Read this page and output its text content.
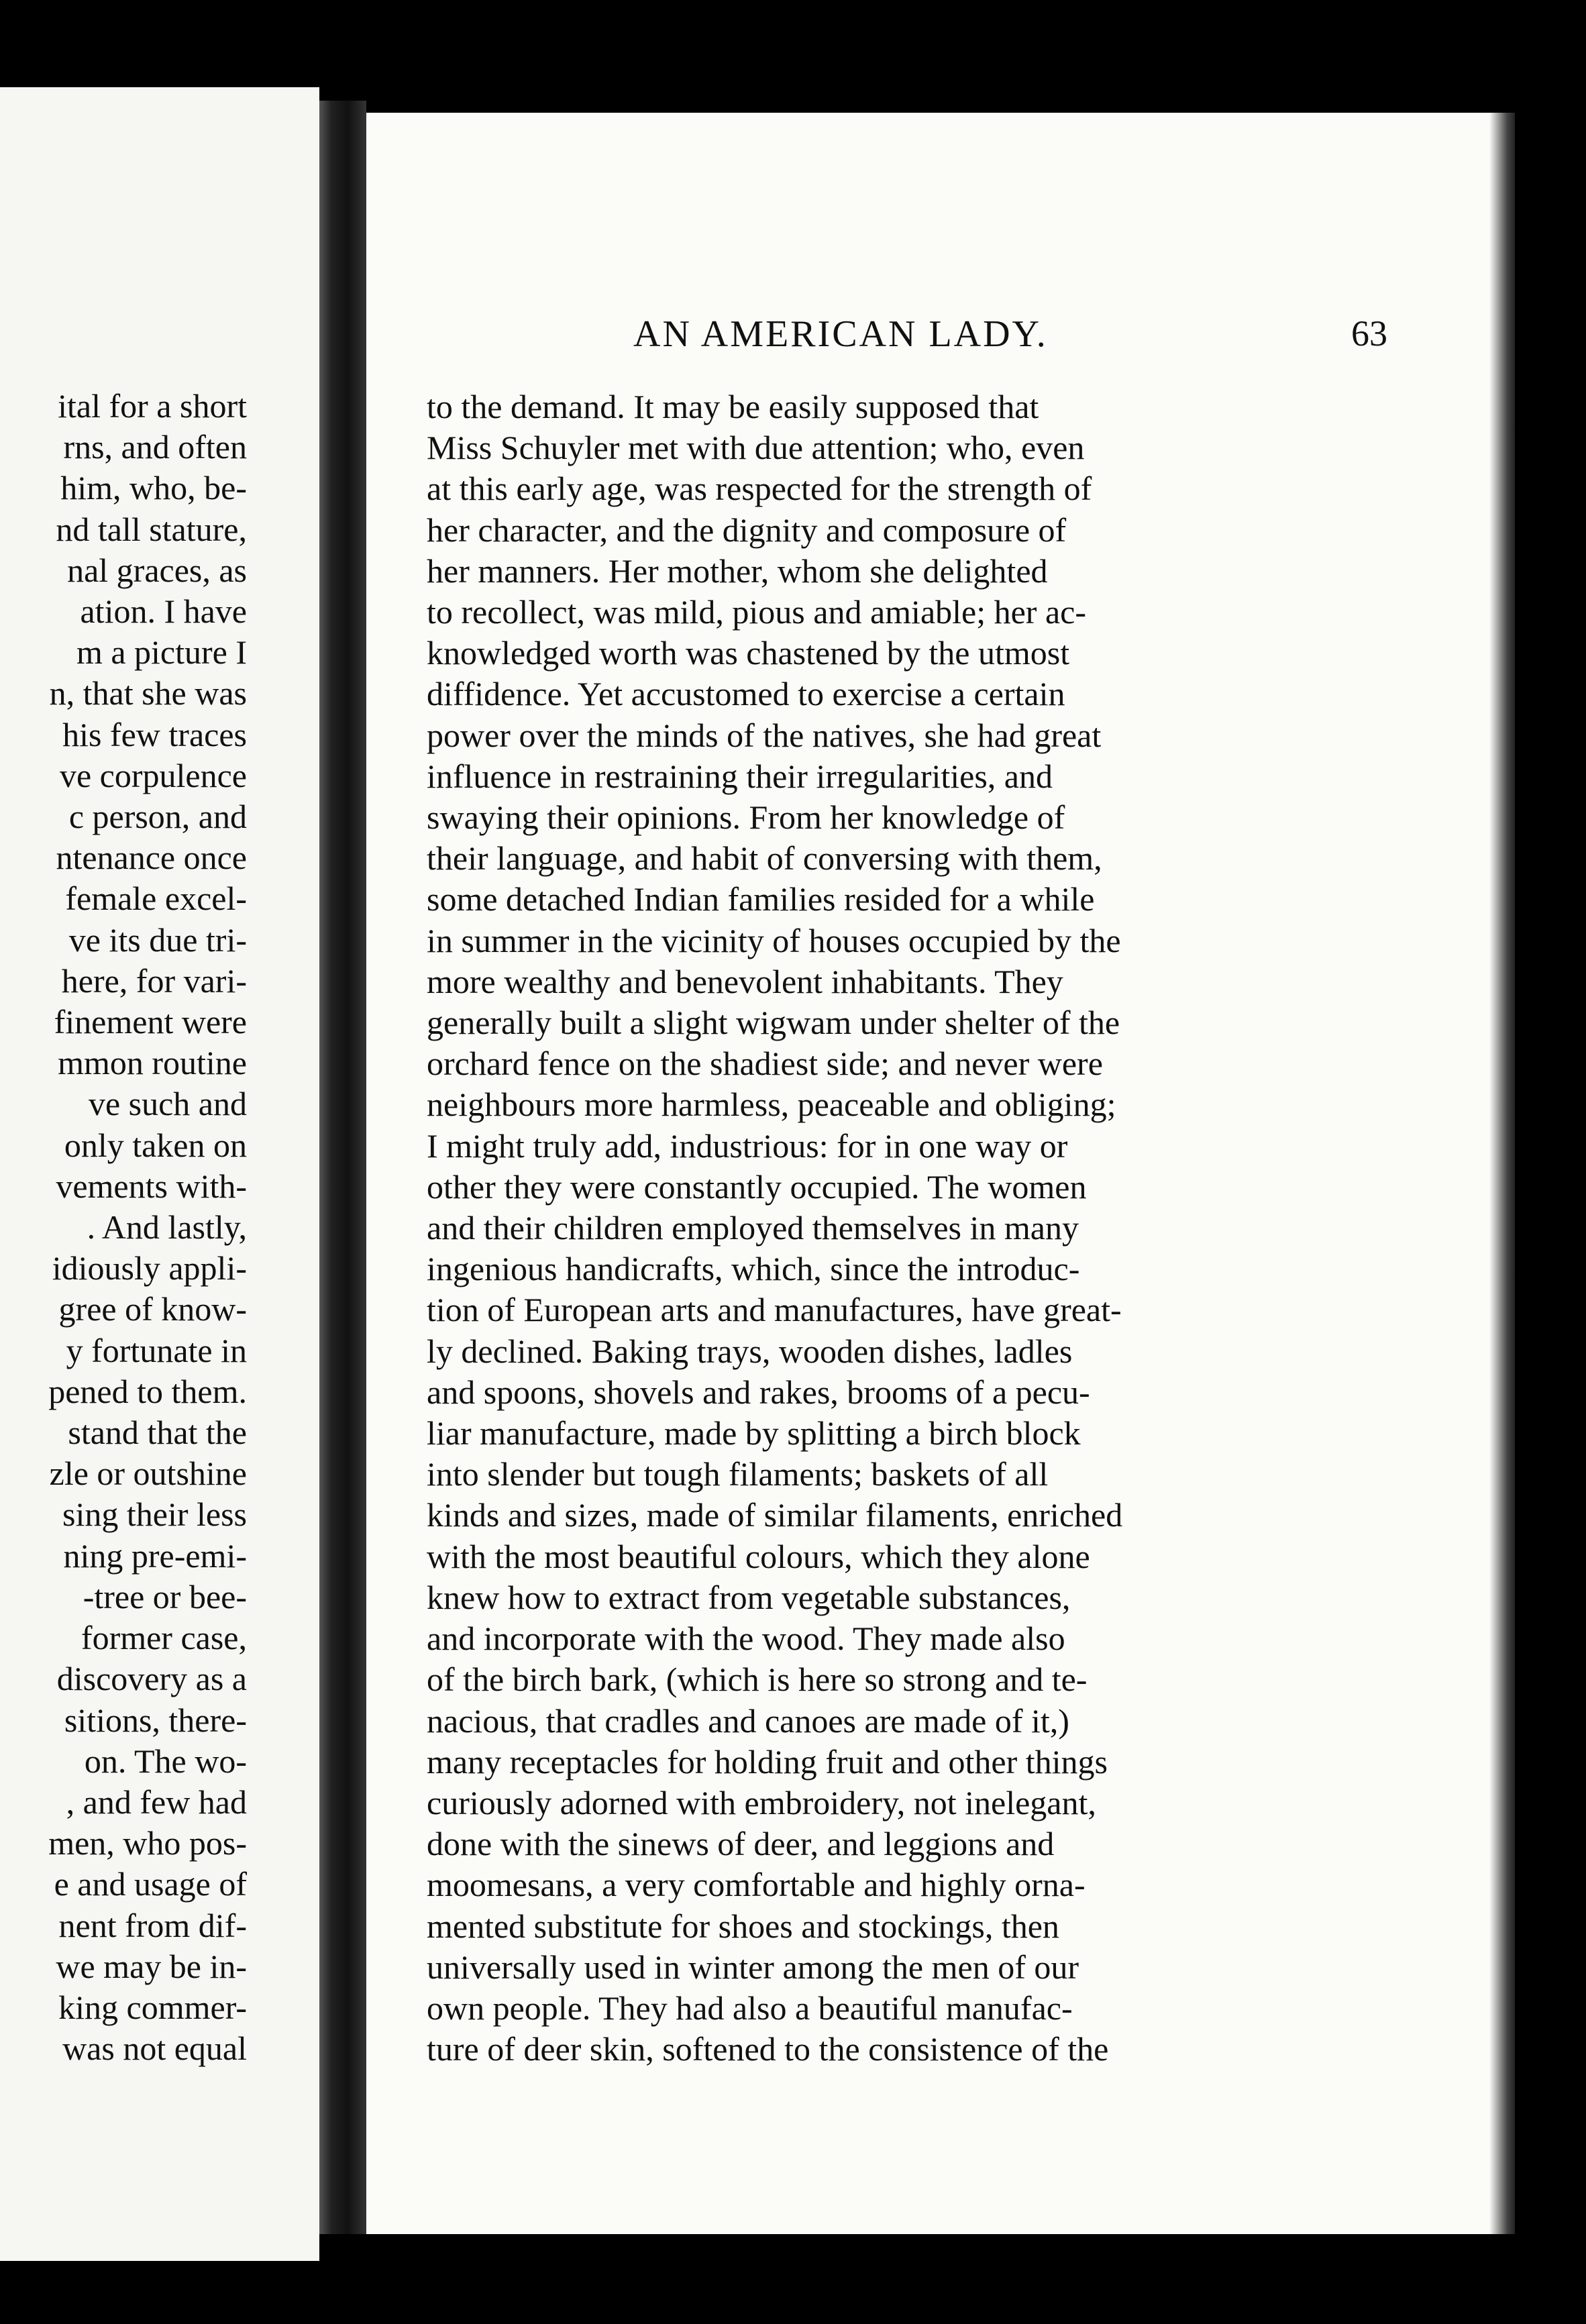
ital for a short
rns, and often
him, who, be-
nd tall stature,
nal graces, as
ation. I have
m a picture I
n, that she was
his few traces
ve corpulence
c person, and
ntenance once
female excel-
ve its due tri-
here, for vari-
finement were
mmon routine
ve such and
only taken on
vements with-
. And lastly,
idiously appli-
gree of know-
y fortunate in
pened to them.
stand that the
zle or outshine
sing their less
ning pre-emi-
-tree or bee-
former case,
discovery as a
sitions, there-
on. The wo-
, and few had
men, who pos-
e and usage of
nent from dif-
we may be in-
king commer-
was not equal
AN AMERICAN LADY.	63
to the demand. It may be easily supposed that
Miss Schuyler met with due attention; who, even
at this early age, was respected for the strength of
her character, and the dignity and composure of
her manners. Her mother, whom she delighted
to recollect, was mild, pious and amiable; her ac-
knowledged worth was chastened by the utmost
diffidence. Yet accustomed to exercise a certain
power over the minds of the natives, she had great
influence in restraining their irregularities, and
swaying their opinions. From her knowledge of
their language, and habit of conversing with them,
some detached Indian families resided for a while
in summer in the vicinity of houses occupied by the
more wealthy and benevolent inhabitants. They
generally built a slight wigwam under shelter of the
orchard fence on the shadiest side; and never were
neighbours more harmless, peaceable and obliging;
I might truly add, industrious: for in one way or
other they were constantly occupied. The women
and their children employed themselves in many
ingenious handicrafts, which, since the introduc-
tion of European arts and manufactures, have great-
ly declined. Baking trays, wooden dishes, ladles
and spoons, shovels and rakes, brooms of a pecu-
liar manufacture, made by splitting a birch block
into slender but tough filaments; baskets of all
kinds and sizes, made of similar filaments, enriched
with the most beautiful colours, which they alone
knew how to extract from vegetable substances,
and incorporate with the wood. They made also
of the birch bark, (which is here so strong and te-
nacious, that cradles and canoes are made of it,)
many receptacles for holding fruit and other things
curiously adorned with embroidery, not inelegant,
done with the sinews of deer, and leggions and
moomesans, a very comfortable and highly orna-
mented substitute for shoes and stockings, then
universally used in winter among the men of our
own people. They had also a beautiful manufac-
ture of deer skin, softened to the consistence of the
